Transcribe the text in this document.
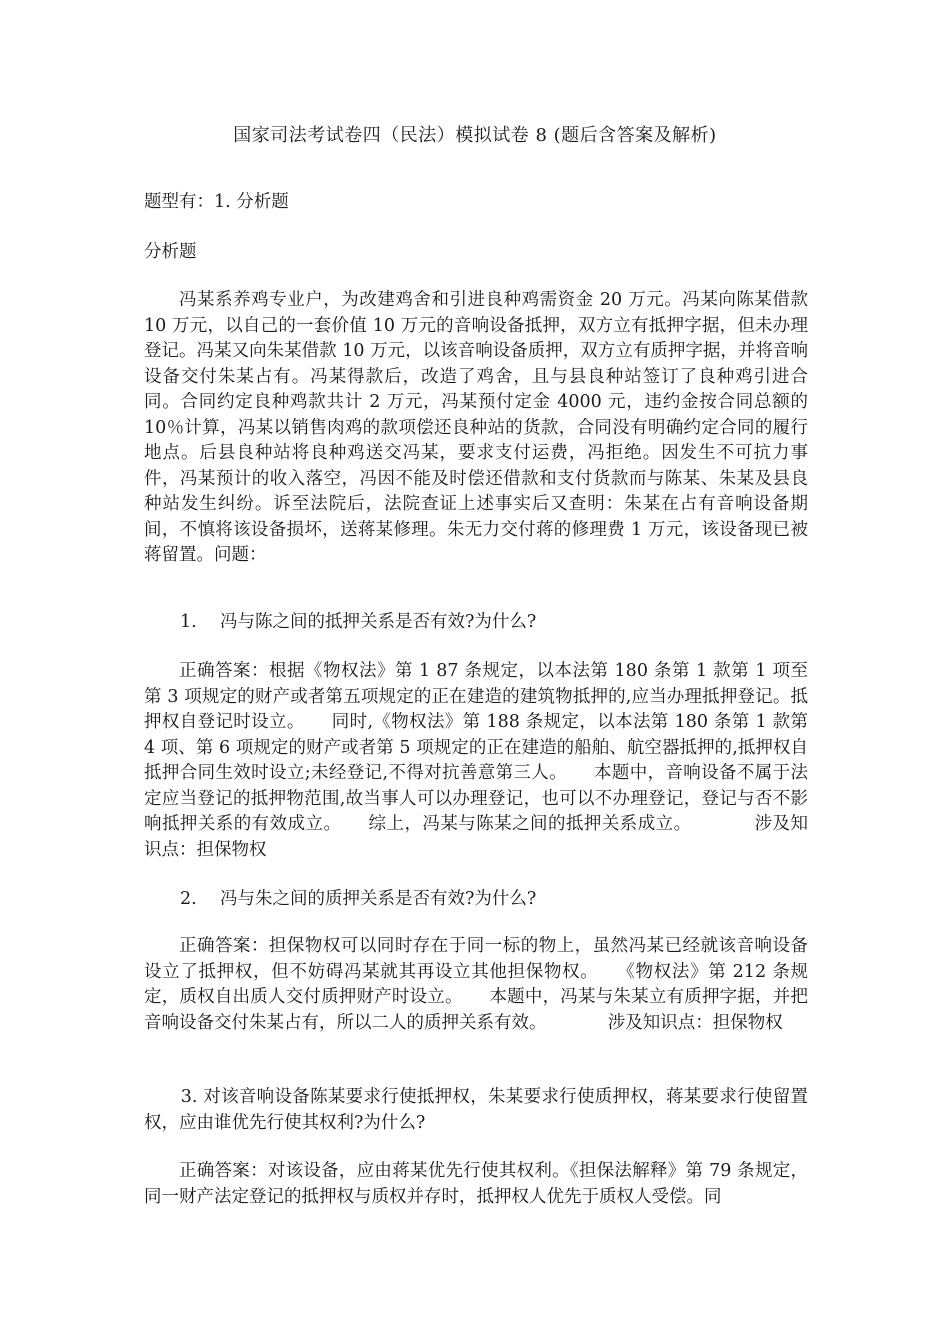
国家司法考试卷四（民法）模拟试卷 8 (题后含答案及解析)
题型有：1. 分析题
分析题

冯某系养鸡专业户，为改建鸡舍和引进良种鸡需资金 20 万元。冯某向陈某借款 10 万元，以自己的一套价值 10 万元的音响设备抵押，双方立有抵押字据，但未办理登记。冯某又向朱某借款 10 万元，以该音响设备质押，双方立有质押字据，并将音响设备交付朱某占有。冯某得款后，改造了鸡舍，且与县良种站签订了良种鸡引进合同。合同约定良种鸡款共计 2 万元，冯某预付定金 4000 元，违约金按合同总额的 10％计算，冯某以销售肉鸡的款项偿还良种站的货款，合同没有明确约定合同的履行地点。后县良种站将良种鸡送交冯某，要求支付运费，冯拒绝。因发生不可抗力事件，冯某预计的收入落空，冯因不能及时偿还借款和支付货款而与陈某、朱某及县良种站发生纠纷。诉至法院后，法院查证上述事实后又查明：朱某在占有音响设备期间，不慎将该设备损坏，送蒋某修理。朱无力交付蒋的修理费 1 万元，该设备现已被蒋留置。问题：

1. 冯与陈之间的抵押关系是否有效?为什么?

正确答案：根据《物权法》第 1 87 条规定，以本法第 180 条第 1 款第 1 项至第 3 项规定的财产或者第五项规定的正在建造的建筑物抵押的,应当办理抵押登记。抵押权自登记时设立。　　同时,《物权法》第 188 条规定，以本法第 180 条第 1 款第 4 项、第 6 项规定的财产或者第 5 项规定的正在建造的船舶、航空器抵押的,抵押权自抵押合同生效时设立;未经登记,不得对抗善意第三人。　　本题中，音响设备不属于法定应当登记的抵押物范围,故当事人可以办理登记，也可以不办理登记，登记与否不影响抵押关系的有效成立。　　综上，冯某与陈某之间的抵押关系成立。　　　　涉及知识点：担保物权

2. 冯与朱之间的质押关系是否有效?为什么?

正确答案：担保物权可以同时存在于同一标的物上，虽然冯某已经就该音响设备设立了抵押权，但不妨碍冯某就其再设立其他担保物权。　　《物权法》第 212 条规定，质权自出质人交付质押财产时设立。　　本题中，冯某与朱某立有质押字据，并把音响设备交付朱某占有，所以二人的质押关系有效。　　　　涉及知识点：担保物权

3. 对该音响设备陈某要求行使抵押权，朱某要求行使质押权，蒋某要求行使留置权，应由谁优先行使其权利?为什么?

正确答案：对该设备，应由蒋某优先行使其权利。《担保法解释》第 79 条规定，同一财产法定登记的抵押权与质权并存时，抵押权人优先于质权人受偿。同
